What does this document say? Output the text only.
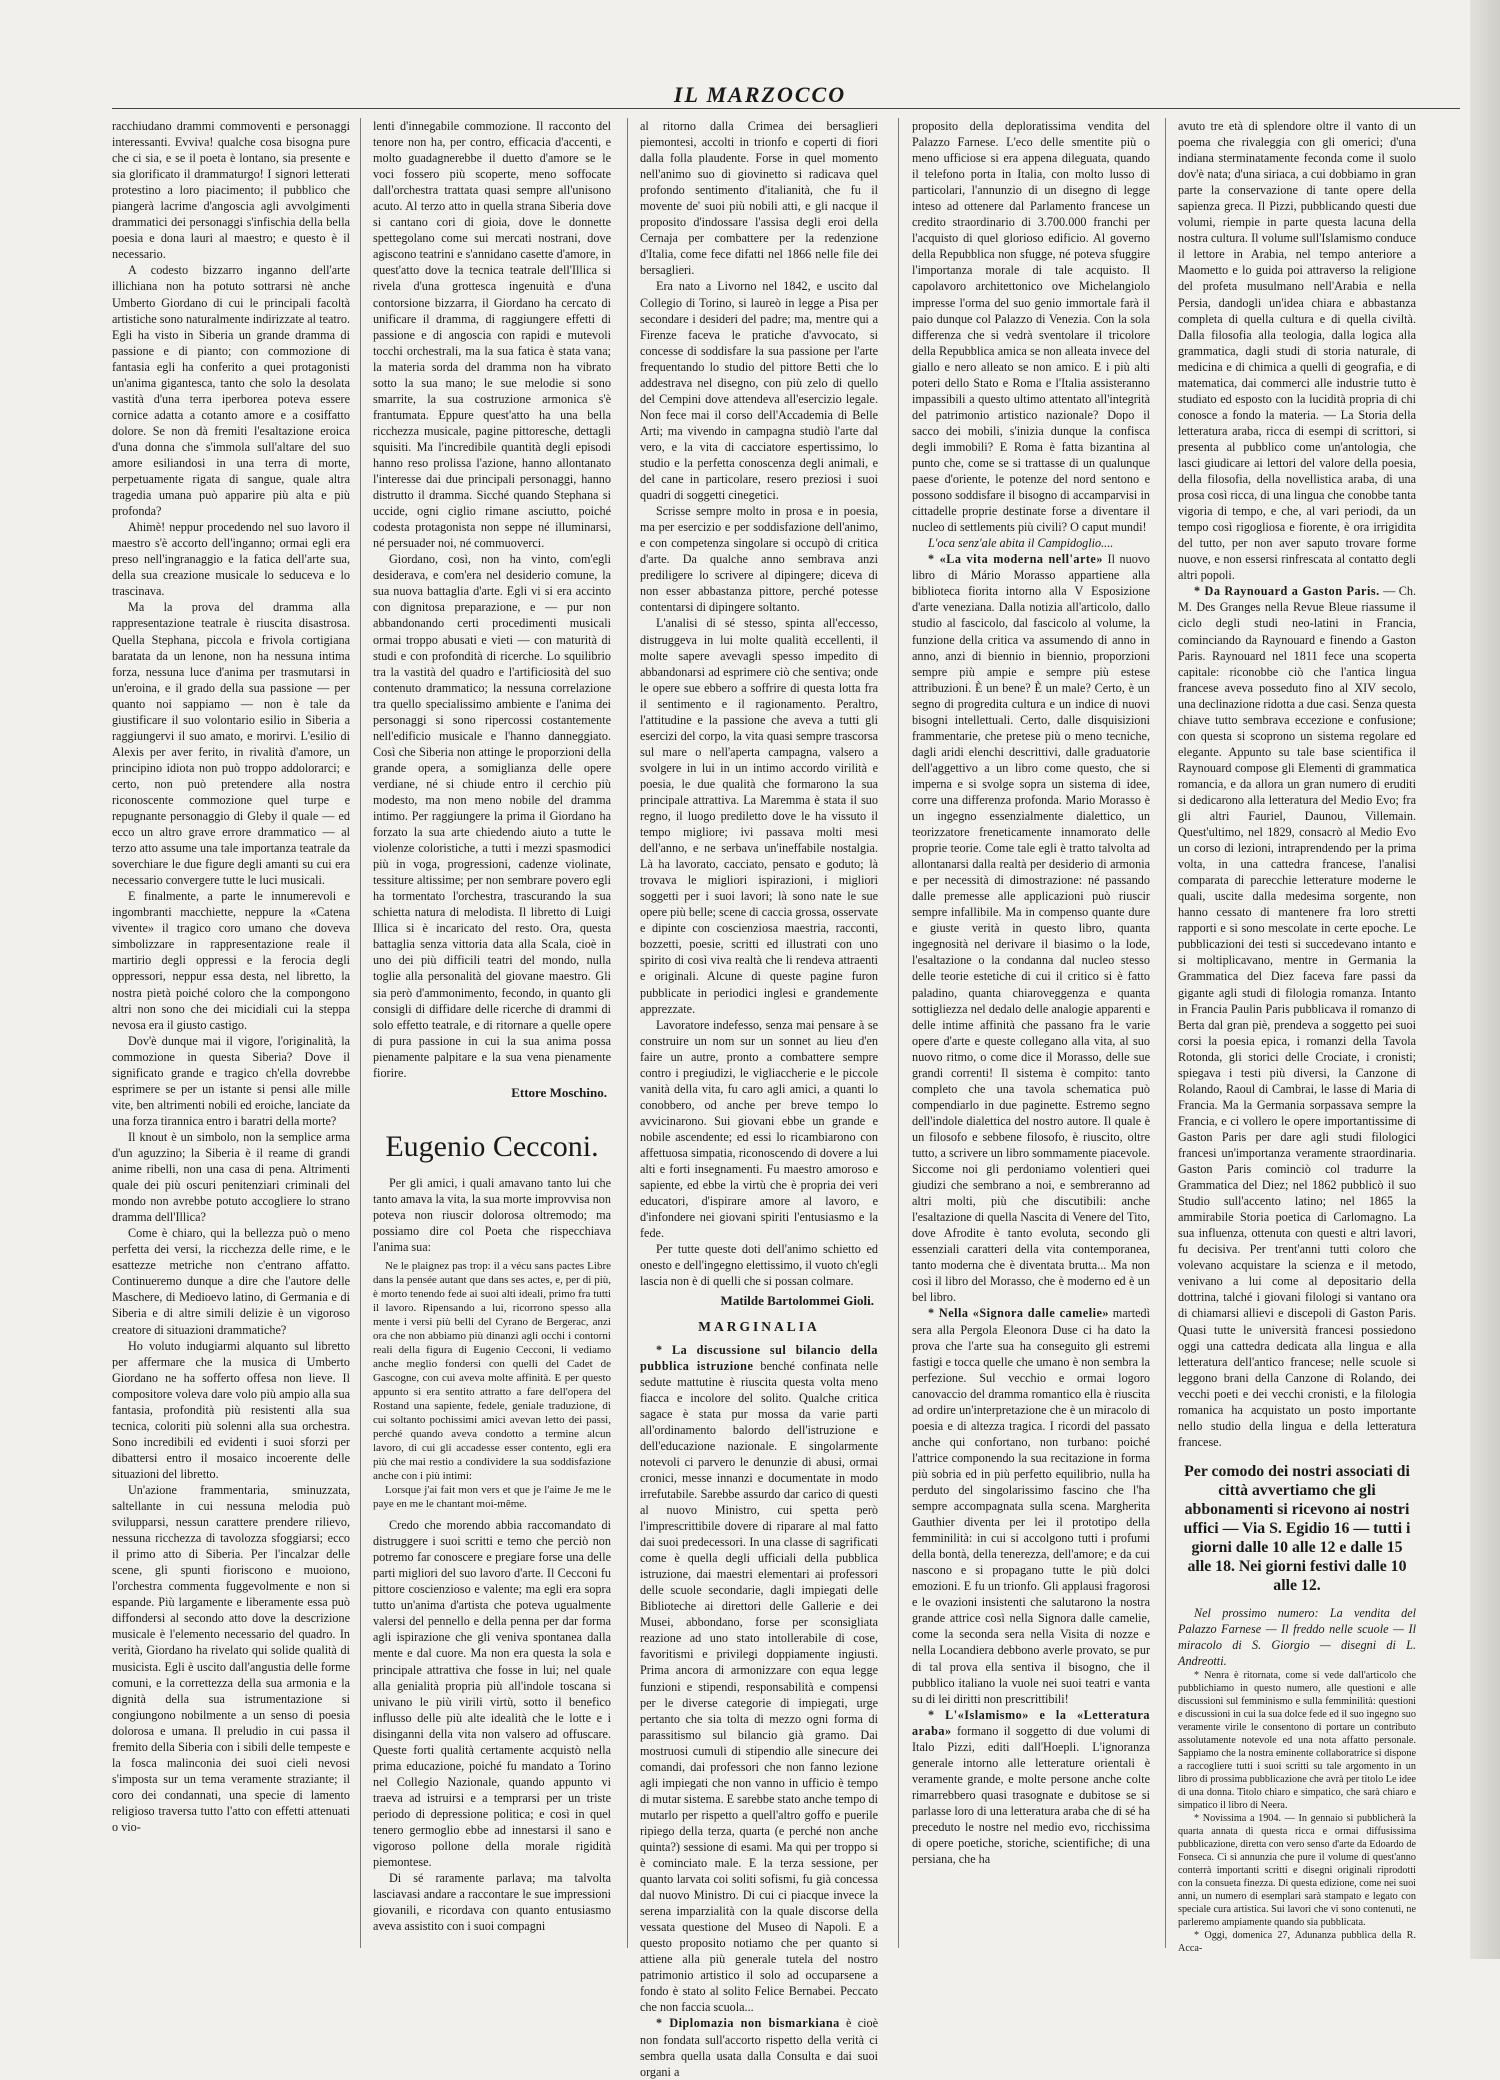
IL MARZOCCO

racchiudano drammi commoventi e personaggi interessanti. Evviva! qualche cosa bisogna pure che ci sia, e se il poeta è lontano, sia presente e sia glorificato il drammaturgo! I signori letterati protestino a loro piacimento; il pubblico che piangerà lacrime d'angoscia agli avvolgimenti drammatici dei personaggi s'infischia della bella poesia e dona lauri al maestro; e questo è il necessario.

A codesto bizzarro inganno dell'arte illichiana non ha potuto sottrarsi nè anche Umberto Giordano di cui le principali facoltà artistiche sono naturalmente indirizzate al teatro. Egli ha visto in Siberia un grande dramma di passione e di pianto; con commozione di fantasia egli ha conferito a quei protagonisti un'anima gigantesca, tanto che solo la desolata vastità d'una terra iperborea poteva essere cornice adatta a cotanto amore e a cosiffatto dolore. Se non dà fremiti l'esaltazione eroica d'una donna che s'immola sull'altare del suo amore esiliandosi in una terra di morte, perpetuamente rigata di sangue, quale altra tragedia umana può apparire più alta e più profonda?

Ahimè! neppur procedendo nel suo lavoro il maestro s'è accorto dell'inganno; ormai egli era preso nell'ingranaggio e la fatica dell'arte sua, della sua creazione musicale lo seduceva e lo trascinava.

Ma la prova del dramma alla rappresentazione teatrale è riuscita disastrosa. Quella Stephana, piccola e frivola cortigiana baratata da un lenone, non ha nessuna intima forza, nessuna luce d'anima per trasmutarsi in un'eroina, e il grado della sua passione — per quanto noi sappiamo — non è tale da giustificare il suo volontario esilio in Siberia a raggiungervi il suo amato, e morirvi. L'esilio di Alexis per aver ferito, in rivalità d'amore, un principino idiota non può troppo addolorarci; e certo, non può pretendere alla nostra riconoscente commozione quel turpe e repugnante personaggio di Gleby il quale — ed ecco un altro grave errore drammatico — al terzo atto assume una tale importanza teatrale da soverchiare le due figure degli amanti su cui era necessario convergere tutte le luci musicali.

E finalmente, a parte le innumerevoli e ingombranti macchiette, neppure la «Catena vivente» il tragico coro umano che doveva simbolizzare in rappresentazione reale il martirio degli oppressi e la ferocia degli oppressori, neppur essa desta, nel libretto, la nostra pietà poiché coloro che la compongono altri non sono che dei micidiali cui la steppa nevosa era il giusto castigo.

Dov'è dunque mai il vigore, l'originalità, la commozione in questa Siberia? Dove il significato grande e tragico ch'ella dovrebbe esprimere se per un istante si pensi alle mille vite, ben altrimenti nobili ed eroiche, lanciate da una forza tirannica entro i baratri della morte?

Il knout è un simbolo, non la semplice arma d'un aguzzino; la Siberia è il reame di grandi anime ribelli, non una casa di pena. Altrimenti quale dei più oscuri penitenziari criminali del mondo non avrebbe potuto accogliere lo strano dramma dell'Illica?

Come è chiaro, qui la bellezza può o meno perfetta dei versi, la ricchezza delle rime, e le esattezze metriche non c'entrano affatto. Continueremo dunque a dire che l'autore delle Maschere, di Medioevo latino, di Germania e di Siberia e di altre simili delizie è un vigoroso creatore di situazioni drammatiche?

Ho voluto indugiarmi alquanto sul libretto per affermare che la musica di Umberto Giordano ne ha sofferto offesa non lieve. Il compositore voleva dare volo più ampio alla sua fantasia, profondità più resistenti alla sua tecnica, coloriti più solenni alla sua orchestra. Sono incredibili ed evidenti i suoi sforzi per dibattersi entro il mosaico incoerente delle situazioni del libretto.

Un'azione frammentaria, sminuzzata, saltellante in cui nessuna melodia può svilupparsi, nessun carattere prendere rilievo, nessuna ricchezza di tavolozza sfoggiarsi; ecco il primo atto di Siberia. Per l'incalzar delle scene, gli spunti fioriscono e muoiono, l'orchestra commenta fuggevolmente e non si espande. Più largamente e liberamente essa può diffondersi al secondo atto dove la descrizione musicale è l'elemento necessario del quadro. In verità, Giordano ha rivelato qui solide qualità di musicista. Egli è uscito dall'angustia delle forme comuni, e la correttezza della sua armonia e la dignità della sua istrumentazione si congiungono nobilmente a un senso di poesia dolorosa e umana. Il preludio in cui passa il fremito della Siberia con i sibili delle tempeste e la fosca malinconia dei suoi cieli nevosi s'imposta sur un tema veramente straziante; il coro dei condannati, una specie di lamento religioso traversa tutto l'atto con effetti attenuati o vio-

lenti d'innegabile commozione. Il racconto del tenore non ha, per contro, efficacia d'accenti, e molto guadagnerebbe il duetto d'amore se le voci fossero più scoperte, meno soffocate dall'orchestra trattata quasi sempre all'unisono acuto. Al terzo atto in quella strana Siberia dove si cantano cori di gioia, dove le donnette spettegolano come sui mercati nostrani, dove agiscono teatrini e s'annidano casette d'amore, in quest'atto dove la tecnica teatrale dell'Illica si rivela d'una grottesca ingenuità e d'una contorsione bizzarra, il Giordano ha cercato di unificare il dramma, di raggiungere effetti di passione e di angoscia con rapidi e mutevoli tocchi orchestrali, ma la sua fatica è stata vana; la materia sorda del dramma non ha vibrato sotto la sua mano; le sue melodie si sono smarrite, la sua costruzione armonica s'è frantumata. Eppure quest'atto ha una bella ricchezza musicale, pagine pittoresche, dettagli squisiti. Ma l'incredibile quantità degli episodi hanno reso prolissa l'azione, hanno allontanato l'interesse dai due principali personaggi, hanno distrutto il dramma. Sicché quando Stephana si uccide, ogni ciglio rimane asciutto, poiché codesta protagonista non seppe né illuminarsi, né persuader noi, né commuoverci.

Giordano, così, non ha vinto, com'egli desiderava, e com'era nel desiderio comune, la sua nuova battaglia d'arte. Egli vi si era accinto con dignitosa preparazione, e — pur non abbandonando certi procedimenti musicali ormai troppo abusati e vieti — con maturità di studi e con profondità di ricerche. Lo squilibrio tra la vastità del quadro e l'artificiosità del suo contenuto drammatico; la nessuna correlazione tra quello specialissimo ambiente e l'anima dei personaggi si sono ripercossi costantemente nell'edificio musicale e l'hanno danneggiato. Così che Siberia non attinge le proporzioni della grande opera, a somiglianza delle opere verdiane, né si chiude entro il cerchio più modesto, ma non meno nobile del dramma intimo. Per raggiungere la prima il Giordano ha forzato la sua arte chiedendo aiuto a tutte le violenze coloristiche, a tutti i mezzi spasmodici più in voga, progressioni, cadenze violinate, tessiture altissime; per non sembrare povero egli ha tormentato l'orchestra, trascurando la sua schietta natura di melodista. Il libretto di Luigi Illica si è incaricato del resto. Ora, questa battaglia senza vittoria data alla Scala, cioè in uno dei più difficili teatri del mondo, nulla toglie alla personalità del giovane maestro. Gli sia però d'ammonimento, fecondo, in quanto gli consigli di diffidare delle ricerche di drammi di solo effetto teatrale, e di ritornare a quelle opere di pura passione in cui la sua anima possa pienamente palpitare e la sua vena pienamente fiorire.

Ettore Moschino.
Eugenio Cecconi.

Per gli amici, i quali amavano tanto lui che tanto amava la vita, la sua morte improvvisa non poteva non riuscir dolorosa oltremodo; ma possiamo dire col Poeta che rispecchiava l'anima sua:

Ne le plaignez pas trop: il a vécu sans pactes Libre dans la pensée autant que dans ses actes, e, per di più, è morto tenendo fede ai suoi alti ideali, primo fra tutti il lavoro. Ripensando a lui, ricorrono spesso alla mente i versi più belli del Cyrano de Bergerac, anzi ora che non abbiamo più dinanzi agli occhi i contorni reali della figura di Eugenio Cecconi, li vediamo anche meglio fondersi con quelli del Cadet de Gascogne, con cui aveva molte affinità. E per questo appunto si era sentito attratto a fare dell'opera del Rostand una sapiente, fedele, geniale traduzione, di cui soltanto pochissimi amici avevan letto dei passi, perché quando aveva condotto a termine alcun lavoro, di cui gli accadesse esser contento, egli era più che mai restio a condividere la sua soddisfazione anche con i più intimi:

Lorsque j'ai fait mon vers et que je l'aime Je me le paye en me le chantant moi-même.

Credo che morendo abbia raccomandato di distruggere i suoi scritti e temo che perciò non potremo far conoscere e pregiare forse una delle parti migliori del suo lavoro d'arte. Il Cecconi fu pittore coscienzioso e valente; ma egli era sopra tutto un'anima d'artista che poteva ugualmente valersi del pennello e della penna per dar forma agli ispirazione che gli veniva spontanea dalla mente e dal cuore. Ma non era questa la sola e principale attrattiva che fosse in lui; nel quale alla genialità propria più all'indole toscana si univano le più virili virtù, sotto il benefico influsso delle più alte idealità che le lotte e i disinganni della vita non valsero ad offuscare. Queste forti qualità certamente acquistò nella prima educazione, poiché fu mandato a Torino nel Collegio Nazionale, quando appunto vi traeva ad istruirsi e a temprarsi per un triste periodo di depressione politica; e così in quel tenero germoglio ebbe ad innestarsi il sano e vigoroso pollone della morale rigidità piemontese.

Di sé raramente parlava; ma talvolta lasciavasi andare a raccontare le sue impressioni giovanili, e ricordava con quanto entusiasmo aveva assistito con i suoi compagni

al ritorno dalla Crimea dei bersaglieri piemontesi, accolti in trionfo e coperti di fiori dalla folla plaudente. Forse in quel momento nell'animo suo di giovinetto si radicava quel profondo sentimento d'italianità, che fu il movente de' suoi più nobili atti, e gli nacque il proposito d'indossare l'assisa degli eroi della Cernaja per combattere per la redenzione d'Italia, come fece difatti nel 1866 nelle file dei bersaglieri.

Era nato a Livorno nel 1842, e uscito dal Collegio di Torino, si laureò in legge a Pisa per secondare i desideri del padre; ma, mentre qui a Firenze faceva le pratiche d'avvocato, si concesse di soddisfare la sua passione per l'arte frequentando lo studio del pittore Betti che lo addestrava nel disegno, con più zelo di quello del Cempini dove attendeva all'esercizio legale. Non fece mai il corso dell'Accademia di Belle Arti; ma vivendo in campagna studiò l'arte dal vero, e la vita di cacciatore espertissimo, lo studio e la perfetta conoscenza degli animali, e del cane in particolare, resero preziosi i suoi quadri di soggetti cinegetici.

Scrisse sempre molto in prosa e in poesia, ma per esercizio e per soddisfazione dell'animo, e con competenza singolare si occupò di critica d'arte. Da qualche anno sembrava anzi prediligere lo scrivere al dipingere; diceva di non esser abbastanza pittore, perché potesse contentarsi di dipingere soltanto.

L'analisi di sé stesso, spinta all'eccesso, distruggeva in lui molte qualità eccellenti, il molte sapere avevagli spesso impedito di abbandonarsi ad esprimere ciò che sentiva; onde le opere sue ebbero a soffrire di questa lotta fra il sentimento e il ragionamento. Peraltro, l'attitudine e la passione che aveva a tutti gli esercizi del corpo, la vita quasi sempre trascorsa sul mare o nell'aperta campagna, valsero a svolgere in lui in un intimo accordo virilità e poesia, le due qualità che formarono la sua principale attrattiva. La Maremma è stata il suo regno, il luogo prediletto dove le ha vissuto il tempo migliore; ivi passava molti mesi dell'anno, e ne serbava un'ineffabile nostalgia. Là ha lavorato, cacciato, pensato e goduto; là trovava le migliori ispirazioni, i migliori soggetti per i suoi lavori; là sono nate le sue opere più belle; scene di caccia grossa, osservate e dipinte con coscienziosa maestria, racconti, bozzetti, poesie, scritti ed illustrati con uno spirito di così viva realtà che li rendeva attraenti e originali. Alcune di queste pagine furon pubblicate in periodici inglesi e grandemente apprezzate.

Lavoratore indefesso, senza mai pensare à se construire un nom sur un sonnet au lieu d'en faire un autre, pronto a combattere sempre contro i pregiudizi, le vigliaccherie e le piccole vanità della vita, fu caro agli amici, a quanti lo conobbero, od anche per breve tempo lo avvicinarono. Sui giovani ebbe un grande e nobile ascendente; ed essi lo ricambiarono con affettuosa simpatia, riconoscendo di dovere a lui alti e forti insegnamenti. Fu maestro amoroso e sapiente, ed ebbe la virtù che è propria dei veri educatori, d'ispirare amore al lavoro, e d'infondere nei giovani spiriti l'entusiasmo e la fede.

Per tutte queste doti dell'animo schietto ed onesto e dell'ingegno elettissimo, il vuoto ch'egli lascia non è di quelli che si possan colmare.

Matilde Bartolommei Gioli.
MARGINALIA

* La discussione sul bilancio della pubblica istruzione benché confinata nelle sedute mattutine è riuscita questa volta meno fiacca e incolore del solito. Qualche critica sagace è stata pur mossa da varie parti all'ordinamento balordo dell'istruzione e dell'educazione nazionale. E singolarmente notevoli ci parvero le denunzie di abusi, ormai cronici, messe innanzi e documentate in modo irrefutabile. Sarebbe assurdo dar carico di questi al nuovo Ministro, cui spetta però l'imprescrittibile dovere di riparare al mal fatto dai suoi predecessori. In una classe di sagrificati come è quella degli ufficiali della pubblica istruzione, dai maestri elementari ai professori delle scuole secondarie, dagli impiegati delle Biblioteche ai direttori delle Gallerie e dei Musei, abbondano, forse per sconsigliata reazione ad uno stato intollerabile di cose, favoritismi e privilegi doppiamente ingiusti. Prima ancora di armonizzare con equa legge funzioni e stipendi, responsabilità e compensi per le diverse categorie di impiegati, urge pertanto che sia tolta di mezzo ogni forma di parassitismo sul bilancio già gramo. Dai mostruosi cumuli di stipendio alle sinecure dei comandi, dai professori che non fanno lezione agli impiegati che non vanno in ufficio è tempo di mutar sistema. E sarebbe stato anche tempo di mutarlo per rispetto a quell'altro goffo e puerile ripiego della terza, quarta (e perché non anche quinta?) sessione di esami. Ma qui per troppo si è cominciato male. E la terza sessione, per quanto larvata coi soliti sofismi, fu già concessa dal nuovo Ministro. Di cui ci piacque invece la serena imparzialità con la quale discorse della vessata questione del Museo di Napoli. E a questo proposito notiamo che per quanto si attiene alla più generale tutela del nostro patrimonio artistico il solo ad occuparsene a fondo è stato al solito Felice Bernabei. Peccato che non faccia scuola...

* Diplomazia non bismarkiana è cioè non fondata sull'accorto rispetto della verità ci sembra quella usata dalla Consulta e dai suoi organi a

proposito della deploratissima vendita del Palazzo Farnese. L'eco delle smentite più o meno ufficiose si era appena dileguata, quando il telefono porta in Italia, con molto lusso di particolari, l'annunzio di un disegno di legge inteso ad ottenere dal Parlamento francese un credito straordinario di 3.700.000 franchi per l'acquisto di quel glorioso edificio. Al governo della Repubblica non sfugge, né poteva sfuggire l'importanza morale di tale acquisto. Il capolavoro architettonico ove Michelangiolo impresse l'orma del suo genio immortale farà il paio dunque col Palazzo di Venezia. Con la sola differenza che si vedrà sventolare il tricolore della Repubblica amica se non alleata invece del giallo e nero alleato se non amico. E i più alti poteri dello Stato e Roma e l'Italia assisteranno impassibili a questo ultimo attentato all'integrità del patrimonio artistico nazionale? Dopo il sacco dei mobili, s'inizia dunque la confisca degli immobili? E Roma è fatta bizantina al punto che, come se si trattasse di un qualunque paese d'oriente, le potenze del nord sentono e possono soddisfare il bisogno di accamparvisi in cittadelle proprie destinate forse a diventare il nucleo di settlements più civili? O caput mundi!

L'oca senz'ale abita il Campidoglio....

* «La vita moderna nell'arte» Il nuovo libro di Mário Morasso appartiene alla biblioteca fiorita intorno alla V Esposizione d'arte veneziana. Dalla notizia all'articolo, dallo studio al fascicolo, dal fascicolo al volume, la funzione della critica va assumendo di anno in anno, anzi di biennio in biennio, proporzioni sempre più ampie e sempre più estese attribuzioni. È un bene? È un male? Certo, è un segno di progredita cultura e un indice di nuovi bisogni intellettuali. Certo, dalle disquisizioni frammentarie, che pretese più o meno tecniche, dagli aridi elenchi descrittivi, dalle graduatorie dell'aggettivo a un libro come questo, che si imperna e si svolge sopra un sistema di idee, corre una differenza profonda. Mario Morasso è un ingegno essenzialmente dialettico, un teorizzatore freneticamente innamorato delle proprie teorie. Come tale egli è tratto talvolta ad allontanarsi dalla realtà per desiderio di armonia e per necessità di dimostrazione: né passando dalle premesse alle applicazioni può riuscir sempre infallibile. Ma in compenso quante dure e giuste verità in questo libro, quanta ingegnosità nel derivare il biasimo o la lode, l'esaltazione o la condanna dal nucleo stesso delle teorie estetiche di cui il critico si è fatto paladino, quanta chiaroveggenza e quanta sottigliezza nel dedalo delle analogie apparenti e delle intime affinità che passano fra le varie opere d'arte e queste collegano alla vita, al suo nuovo ritmo, o come dice il Morasso, delle sue grandi correnti! Il sistema è compito: tanto completo che una tavola schematica può compendiarlo in due paginette. Estremo segno dell'indole dialettica del nostro autore. Il quale è un filosofo e sebbene filosofo, è riuscito, oltre tutto, a scrivere un libro sommamente piacevole. Siccome noi gli perdoniamo volentieri quei giudizi che sembrano a noi, e sembreranno ad altri molti, più che discutibili: anche l'esaltazione di quella Nascita di Venere del Tito, dove Afrodite è tanto evoluta, secondo gli essenziali caratteri della vita contemporanea, tanto moderna che è diventata brutta... Ma non così il libro del Morasso, che è moderno ed è un bel libro.

* Nella «Signora dalle camelie» martedì sera alla Pergola Eleonora Duse ci ha dato la prova che l'arte sua ha conseguito gli estremi fastigi e tocca quelle che umano è non sembra la perfezione. Sul vecchio e ormai logoro canovaccio del dramma romantico ella è riuscita ad ordire un'interpretazione che è un miracolo di poesia e di altezza tragica. I ricordi del passato anche qui confortano, non turbano: poiché l'attrice componendo la sua recitazione in forma più sobria ed in più perfetto equilibrio, nulla ha perduto del singolarissimo fascino che l'ha sempre accompagnata sulla scena. Margherita Gauthier diventa per lei il prototipo della femminilità: in cui si accolgono tutti i profumi della bontà, della tenerezza, dell'amore; e da cui nascono e si propagano tutte le più dolci emozioni. E fu un trionfo. Gli applausi fragorosi e le ovazioni insistenti che salutarono la nostra grande attrice così nella Signora dalle camelie, come la seconda sera nella Visita di nozze e nella Locandiera debbono averle provato, se pur di tal prova ella sentiva il bisogno, che il pubblico italiano la vuole nei suoi teatri e vanta su di lei diritti non prescrittibili!

* L'«Islamismo» e la «Letteratura araba» formano il soggetto di due volumi di Italo Pizzi, editi dall'Hoepli. L'ignoranza generale intorno alle letterature orientali è veramente grande, e molte persone anche colte rimarrebbero quasi trasognate e dubitose se si parlasse loro di una letteratura araba che di sé ha preceduto le nostre nel medio evo, ricchissima di opere poetiche, storiche, scientifiche; di una persiana, che ha

avuto tre età di splendore oltre il vanto di un poema che rivaleggia con gli omerici; d'una indiana sterminatamente feconda come il suolo dov'è nata; d'una siriaca, a cui dobbiamo in gran parte la conservazione di tante opere della sapienza greca. Il Pizzi, pubblicando questi due volumi, riempie in parte questa lacuna della nostra cultura. Il volume sull'Islamismo conduce il lettore in Arabia, nel tempo anteriore a Maometto e lo guida poi attraverso la religione del profeta musulmano nell'Arabia e nella Persia, dandogli un'idea chiara e abbastanza completa di quella cultura e di quella civiltà. Dalla filosofia alla teologia, dalla logica alla grammatica, dagli studi di storia naturale, di medicina e di chimica a quelli di geografia, e di matematica, dai commerci alle industrie tutto è studiato ed esposto con la lucidità propria di chi conosce a fondo la materia. — La Storia della letteratura araba, ricca di esempi di scrittori, si presenta al pubblico come un'antologia, che lasci giudicare ai lettori del valore della poesia, della filosofia, della novellistica araba, di una prosa così ricca, di una lingua che conobbe tanta vigoria di tempo, e che, al vari periodi, da un tempo così rigogliosa e fiorente, è ora irrigidita del tutto, per non aver saputo trovare forme nuove, e non essersi rinfrescata al contatto degli altri popoli.

* Da Raynouard a Gaston Paris. — Ch. M. Des Granges nella Revue Bleue riassume il ciclo degli studi neo-latini in Francia, cominciando da Raynouard e finendo a Gaston Paris. Raynouard nel 1811 fece una scoperta capitale: riconobbe ciò che l'antica lingua francese aveva posseduto fino al XIV secolo, una declinazione ridotta a due casi. Senza questa chiave tutto sembrava eccezione e confusione; con questa si scoprono un sistema regolare ed elegante. Appunto su tale base scientifica il Raynouard compose gli Elementi di grammatica romancia, e da allora un gran numero di eruditi si dedicarono alla letteratura del Medio Evo; fra gli altri Fauriel, Daunou, Villemain. Quest'ultimo, nel 1829, consacrò al Medio Evo un corso di lezioni, intraprendendo per la prima volta, in una cattedra francese, l'analisi comparata di parecchie letterature moderne le quali, uscite dalla medesima sorgente, non hanno cessato di mantenere fra loro stretti rapporti e si sono mescolate in certe epoche. Le pubblicazioni dei testi si succedevano intanto e si moltiplicavano, mentre in Germania la Grammatica del Diez faceva fare passi da gigante agli studi di filologia romanza. Intanto in Francia Paulin Paris pubblicava il romanzo di Berta dal gran piè, prendeva a soggetto pei suoi corsi la poesia epica, i romanzi della Tavola Rotonda, gli storici delle Crociate, i cronisti; spiegava i testi più diversi, la Canzone di Rolando, Raoul di Cambrai, le lasse di Maria di Francia. Ma la Germania sorpassava sempre la Francia, e ci vollero le opere importantissime di Gaston Paris per dare agli studi filologici francesi un'importanza veramente straordinaria. Gaston Paris cominciò col tradurre la Grammatica del Diez; nel 1862 pubblicò il suo Studio sull'accento latino; nel 1865 la ammirabile Storia poetica di Carlomagno. La sua influenza, ottenuta con questi e altri lavori, fu decisiva. Per trent'anni tutti coloro che volevano acquistare la scienza e il metodo, venivano a lui come al depositario della dottrina, talché i giovani filologi si vantano ora di chiamarsi allievi e discepoli di Gaston Paris. Quasi tutte le università francesi possiedono oggi una cattedra dedicata alla lingua e alla letteratura dell'antico francese; nelle scuole si leggono brani della Canzone di Rolando, dei vecchi poeti e dei vecchi cronisti, e la filologia romanica ha acquistato un posto importante nello studio della lingua e della letteratura francese.

Per comodo dei nostri associati di città avvertiamo che gli abbonamenti si ricevono ai nostri uffici — Via S. Egidio 16 — tutti i giorni dalle 10 alle 12 e dalle 15 alle 18. Nei giorni festivi dalle 10 alle 12.

Nel prossimo numero: La vendita del Palazzo Farnese — Il freddo nelle scuole — Il miracolo di S. Giorgio — disegni di L. Andreotti.

* Nenra è ritornata, come si vede dall'articolo che pubblichiamo in questo numero, alle questioni e alle discussioni sul femminismo e sulla femminilità: questioni e discussioni in cui la sua dolce fede ed il suo ingegno suo veramente virile le consentono di portare un contributo assolutamente notevole ed una nota affatto personale. Sappiamo che la nostra eminente collaboratrice si dispone a raccogliere tutti i suoi scritti su tale argomento in un libro di prossima pubblicazione che avrà per titolo Le idee di una donna. Titolo chiaro e simpatico, che sarà chiaro e simpatico il libro di Neera.

* Novissima a 1904. — In gennaio si pubblicherà la quarta annata di questa ricca e ormai diffusissima pubblicazione, diretta con vero senso d'arte da Edoardo de Fonseca. Ci si annunzia che pure il volume di quest'anno conterrà importanti scritti e disegni originali riprodotti con la consueta finezza. Di questa edizione, come nei suoi anni, un numero di esemplari sarà stampato e legato con speciale cura artistica. Sui lavori che vi sono contenuti, ne parleremo ampiamente quando sia pubblicata.

* Oggi, domenica 27, Adunanza pubblica della R. Acca-
